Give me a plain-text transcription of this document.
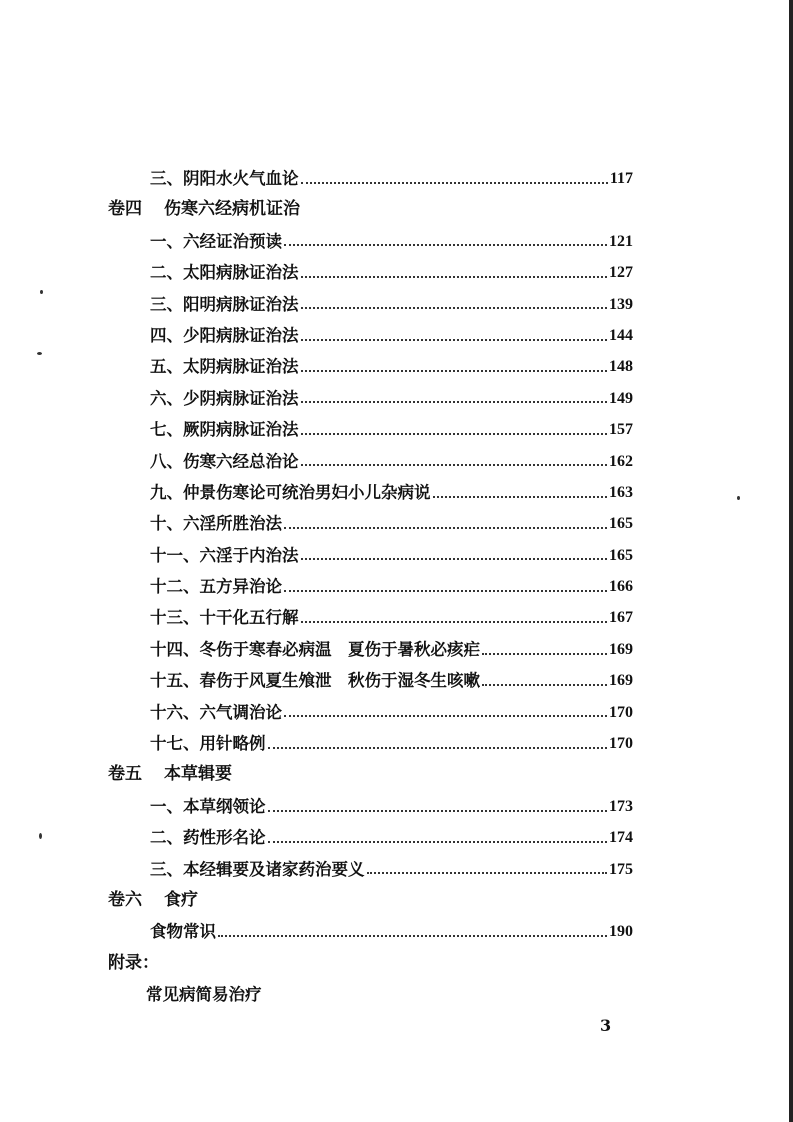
三、阴阳水火气血论	117
卷四 伤寒六经病机证治
一、六经证治预读	121
二、太阳病脉证治法	127
三、阳明病脉证治法	139
四、少阳病脉证治法	144
五、太阴病脉证治法	148
六、少阴病脉证治法	149
七、厥阴病脉证治法	157
八、伤寒六经总治论	162
九、仲景伤寒论可统治男妇小儿杂病说	163
十、六淫所胜治法	165
十一、六淫于内治法	165
十二、五方异治论	166
十三、十干化五行解	167
十四、冬伤于寒春必病温　夏伤于暑秋必痎疟	169
十五、春伤于风夏生飧泄　秋伤于湿冬生咳嗽	169
十六、六气调治论	170
十七、用针略例	170
卷五 本草辑要
一、本草纲领论	173
二、药性形名论	174
三、本经辑要及诸家药治要义	175
卷六 食疗
食物常识	190
附录：
常见病简易治疗
3
